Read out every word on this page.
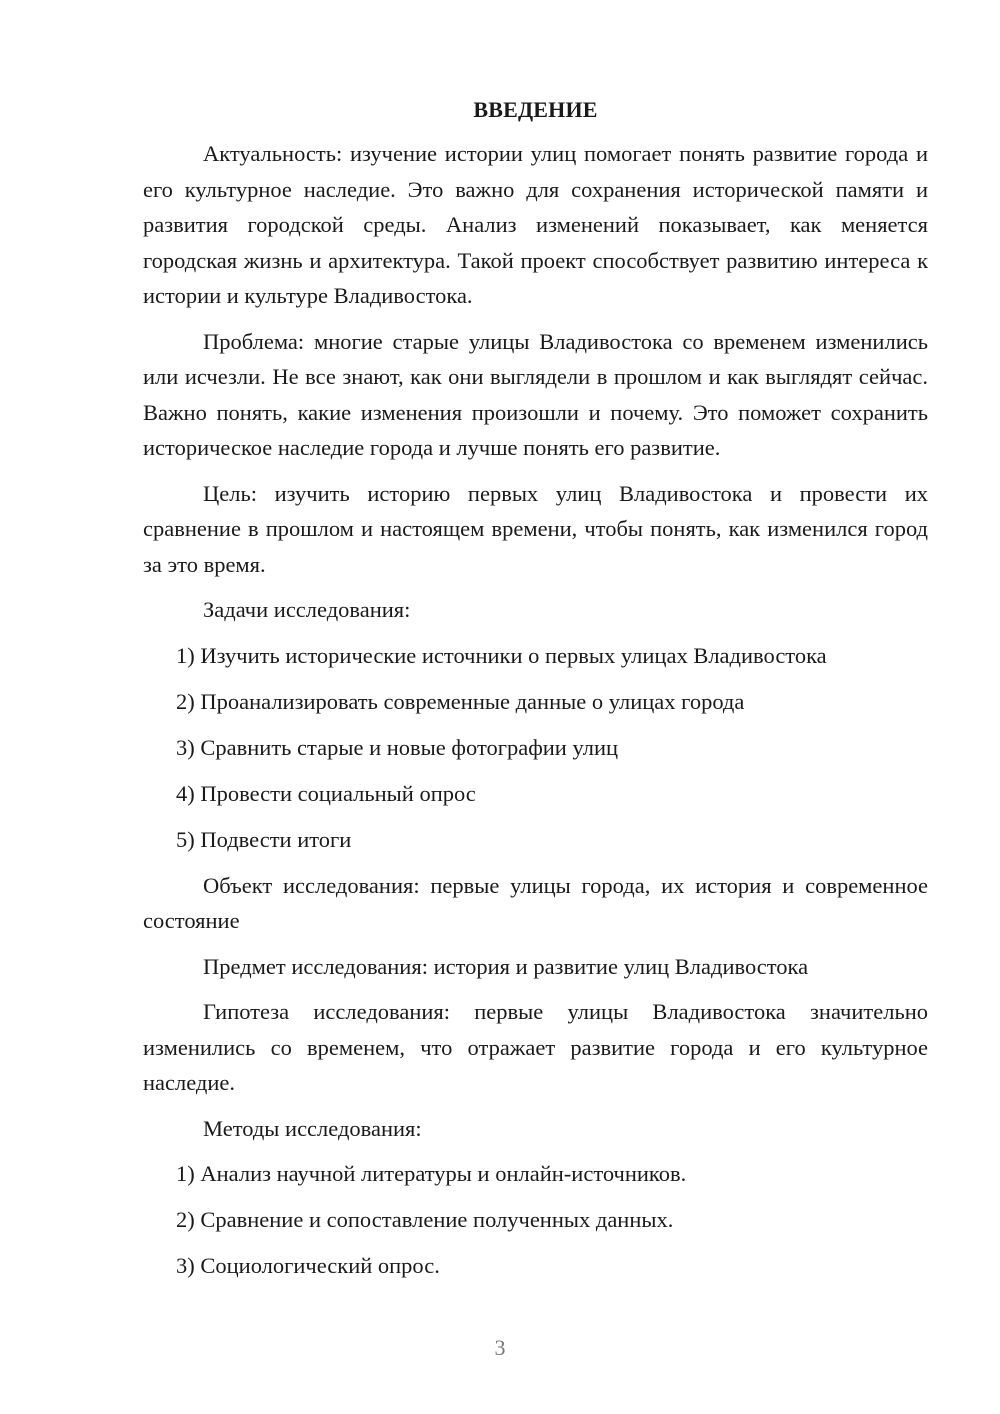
ВВЕДЕНИЕ

Актуальность: изучение истории улиц помогает понять развитие города и его культурное наследие. Это важно для сохранения исторической памяти и развития городской среды. Анализ изменений показывает, как меняется городская жизнь и архитектура. Такой проект способствует развитию интереса к истории и культуре Владивостока.

Проблема: многие старые улицы Владивостока со временем изменились или исчезли. Не все знают, как они выглядели в прошлом и как выглядят сейчас. Важно понять, какие изменения произошли и почему. Это поможет сохранить историческое наследие города и лучше понять его развитие.

Цель: изучить историю первых улиц Владивостока и провести их сравнение в прошлом и настоящем времени, чтобы понять, как изменился город за это время.

Задачи исследования:

1) Изучить исторические источники о первых улицах Владивостока
2) Проанализировать современные данные о улицах города
3) Сравнить старые и новые фотографии улиц
4) Провести социальный опрос
5) Подвести итоги

Объект исследования: первые улицы города, их история и современное состояние

Предмет исследования: история и развитие улиц Владивостока

Гипотеза исследования: первые улицы Владивостока значительно изменились со временем, что отражает развитие города и его культурное наследие.

Методы исследования:

1) Анализ научной литературы и онлайн-источников.
2) Сравнение и сопоставление полученных данных.
3) Социологический опрос.
3
